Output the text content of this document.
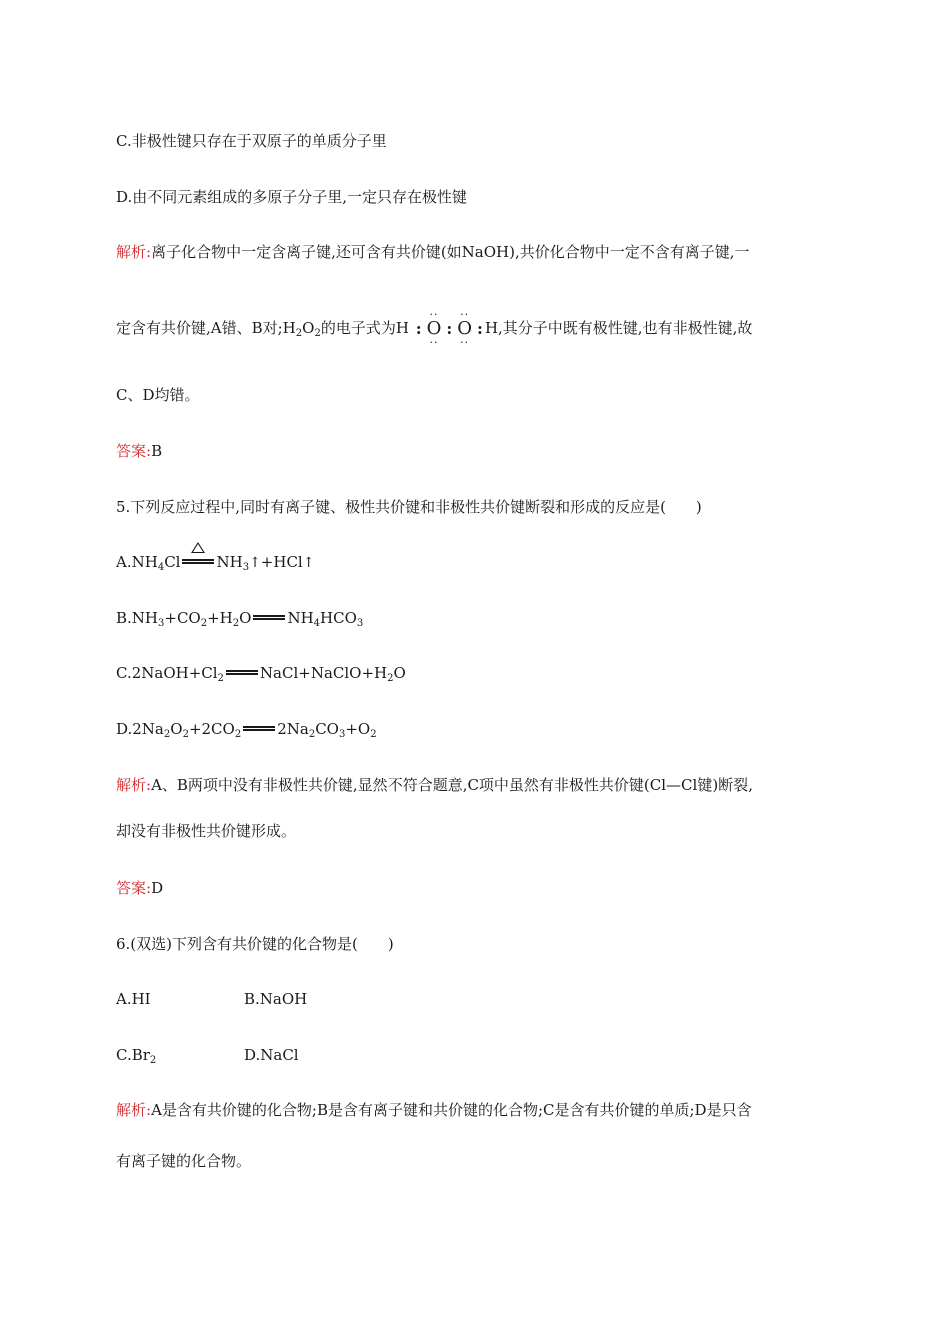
C.非极性键只存在于双原子的单质分子里
D.由不同元素组成的多原子分子里,一定只存在极性键
解析:离子化合物中一定含离子键,还可含有共价键(如NaOH),共价化合物中一定不含有离子键,一
定含有共价键,A错、B对$;H_2O_2$的电子式为H :
··
O
··
:
··
O
··
: H,其分子中既有极性键,也有非极性键,故
C、D均错。
答案:B
5.下列反应过程中,同时有离子键、极性共价键和非极性共价键断裂和形成的反应是(　　)
$A.NH_4Cl$ $NH_3↑+HCl↑$
$B.NH_3+CO_2+H_2O$ $NH_4HCO_3$
$C.2NaOH+Cl_2$ $NaCl+NaClO+H_2O$
$D.2Na_2O_2+2CO_2$ $2Na_2CO_3+O_2$
解析:A、B两项中没有非极性共价键,显然不符合题意,C项中虽然有非极性共价键(Cl—Cl键)断裂,
却没有非极性共价键形成。
答案:D
6.(双选)下列含有共价键的化合物是(　　)
A.HI	B.NaOH
$C.Br_2$	D.NaCl
解析:A是含有共价键的化合物;B是含有离子键和共价键的化合物;C是含有共价键的单质;D是只含
有离子键的化合物。
